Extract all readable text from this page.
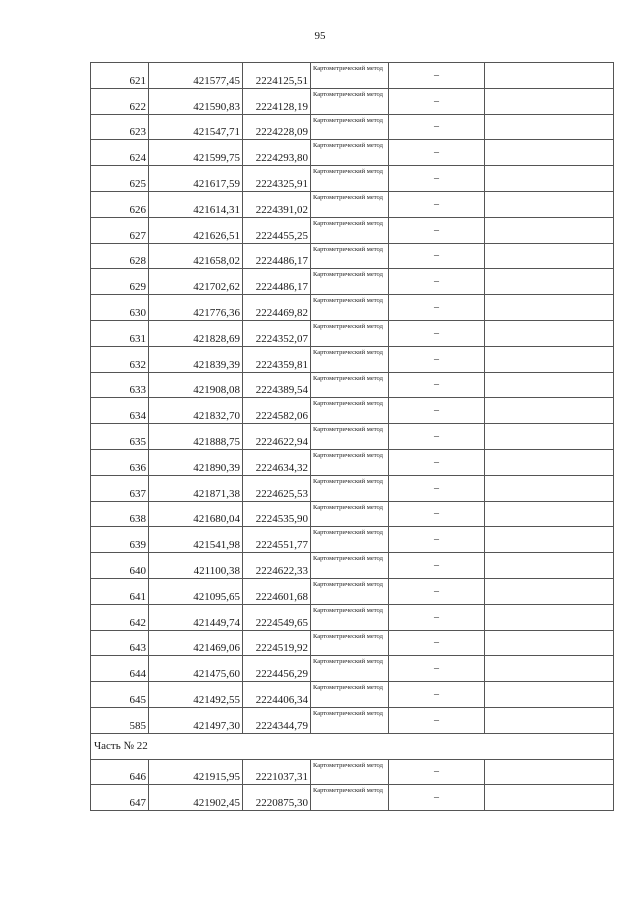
95
621	421577,45	2224125,51	Картометрический метод	–	
622	421590,83	2224128,19	Картометрический метод	–	
623	421547,71	2224228,09	Картометрический метод	–	
624	421599,75	2224293,80	Картометрический метод	–	
625	421617,59	2224325,91	Картометрический метод	–	
626	421614,31	2224391,02	Картометрический метод	–	
627	421626,51	2224455,25	Картометрический метод	–	
628	421658,02	2224486,17	Картометрический метод	–	
629	421702,62	2224486,17	Картометрический метод	–	
630	421776,36	2224469,82	Картометрический метод	–	
631	421828,69	2224352,07	Картометрический метод	–	
632	421839,39	2224359,81	Картометрический метод	–	
633	421908,08	2224389,54	Картометрический метод	–	
634	421832,70	2224582,06	Картометрический метод	–	
635	421888,75	2224622,94	Картометрический метод	–	
636	421890,39	2224634,32	Картометрический метод	–	
637	421871,38	2224625,53	Картометрический метод	–	
638	421680,04	2224535,90	Картометрический метод	–	
639	421541,98	2224551,77	Картометрический метод	–	
640	421100,38	2224622,33	Картометрический метод	–	
641	421095,65	2224601,68	Картометрический метод	–	
642	421449,74	2224549,65	Картометрический метод	–	
643	421469,06	2224519,92	Картометрический метод	–	
644	421475,60	2224456,29	Картометрический метод	–	
645	421492,55	2224406,34	Картометрический метод	–	
585	421497,30	2224344,79	Картометрический метод	–	
Часть № 22					
646	421915,95	2221037,31	Картометрический метод	–	
647	421902,45	2220875,30	Картометрический метод	–	
